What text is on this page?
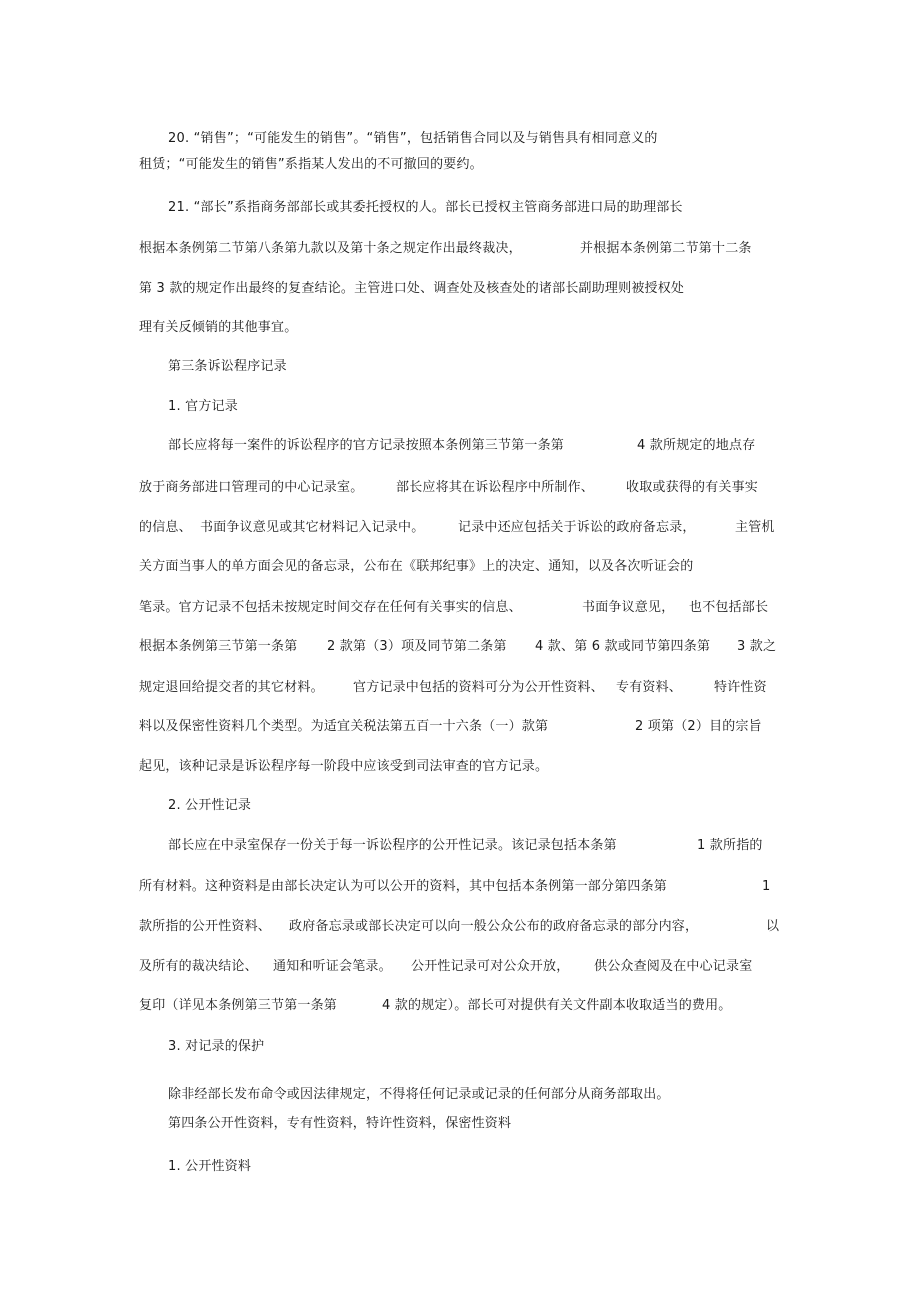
20. “销售”；“可能发生的销售”。“销售”，包括销售合同以及与销售具有相同意义的
租赁；“可能发生的销售”系指某人发出的不可撤回的要约。
21. “部长”系指商务部部长或其委托授权的人。部长已授权主管商务部进口局的助理部长
根据本条例第二节第八条第九款以及第十条之规定作出最终裁决，	并根据本条例第二节第十二条
第 3 款的规定作出最终的复查结论。主管进口处、调查处及核查处的诸部长副助理则被授权处
理有关反倾销的其他事宜。
第三条诉讼程序记录
1. 官方记录
部长应将每一案件的诉讼程序的官方记录按照本条例第三节第一条第	4 款所规定的地点存
放于商务部进口管理司的中心记录室。	部长应将其在诉讼程序中所制作、 收取或获得的有关事实
的信息、 书面争议意见或其它材料记入记录中。	记录中还应包括关于诉讼的政府备忘录，	主管机
关方面当事人的单方面会见的备忘录，公布在《联邦纪事》上的决定、通知，以及各次听证会的
笔录。官方记录不包括未按规定时间交存在任何有关事实的信息、	书面争议意见， 也不包括部长
根据本条例第三节第一条第 2 款第（3）项及同节第二条第 4 款、第 6 款或同节第四条第 3 款之
规定退回给提交者的其它材料。 官方记录中包括的资料可分为公开性资料、 专有资料、 特许性资
料以及保密性资料几个类型。为适宜关税法第五百一十六条（一）款第	2 项第（2）目的宗旨
起见，该种记录是诉讼程序每一阶段中应该受到司法审查的官方记录。
2. 公开性记录
部长应在中录室保存一份关于每一诉讼程序的公开性记录。该记录包括本条第	1 款所指的
所有材料。这种资料是由部长决定认为可以公开的资料，其中包括本条例第一部分第四条第	1
款所指的公开性资料、 政府备忘录或部长决定可以向一般公众公布的政府备忘录的部分内容，	以
及所有的裁决结论、 通知和听证会笔录。 公开性记录可对公众开放， 供公众查阅及在中心记录室
复印（详见本条例第三节第一条第	4 款的规定）。部长可对提供有关文件副本收取适当的费用。
3. 对记录的保护
除非经部长发布命令或因法律规定，不得将任何记录或记录的任何部分从商务部取出。
第四条公开性资料，专有性资料，特许性资料，保密性资料
1. 公开性资料
